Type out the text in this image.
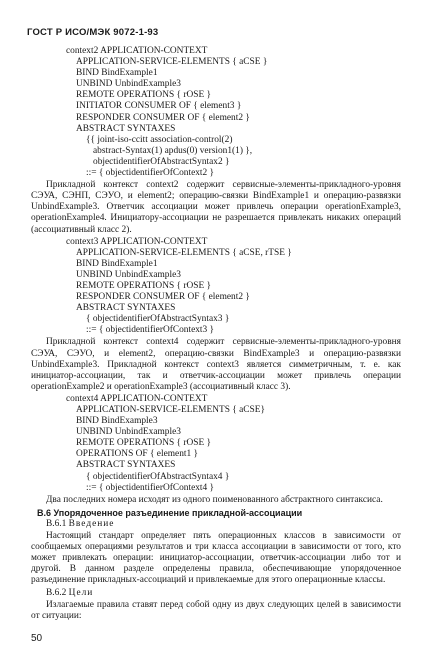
ГОСТ Р ИСО/МЭК 9072-1-93
context2 APPLICATION-CONTEXT
APPLICATION-SERVICE-ELEMENTS { aCSE }
BIND BindExample1
UNBIND UnbindExample3
REMOTE OPERATIONS { rOSE }
INITIATOR CONSUMER OF { element3 }
RESPONDER CONSUMER OF { element2 }
ABSTRACT SYNTAXES
{{ joint-iso-ccitt association-control(2)
abstract-Syntax(1) apdus(0) version1(1) },
objectidentifierOfAbstractSyntax2 }
::= { objectidentifierOfContext2 }
Прикладной контекст context2 содержит сервисные-элементы-прикладного-уровня СЭУА, СЭНП, СЭУО, и element2; операцию-связки BindExample1 и операцию-развязки UnbindExample3. Ответчик ассоциации может привлечь операции operationExample3, operationExample4. Инициатору-ассоциации не разрешается привлекать никаких операций (ассоциативный класс 2).
context3 APPLICATION-CONTEXT
APPLICATION-SERVICE-ELEMENTS { aCSE, rTSE }
BIND BindExample1
UNBIND UnbindExample3
REMOTE OPERATIONS { rOSE }
RESPONDER CONSUMER OF { element2 }
ABSTRACT SYNTAXES
{ objectidentifierOfAbstractSyntax3 }
::= { objectidentifierOfContext3 }
Прикладной контекст context4 содержит сервисные-элементы-прикладного-уровня СЭУА, СЭУО, и element2, операцию-связки BindExample3 и операцию-развязки UnbindExample3. Прикладной контекст context3 является симметричным, т. е. как инициатор-ассоциации, так и ответчик-ассоциации может привлечь операции operationExample2 и operationExample3 (ассоциативный класс 3).
context4 APPLICATION-CONTEXT
APPLICATION-SERVICE-ELEMENTS { aCSE}
BIND BindExample3
UNBIND UnbindExample3
REMOTE OPERATIONS { rOSE }
OPERATIONS OF { element1 }
ABSTRACT SYNTAXES
{ objectidentifierOfAbstractSyntax4 }
::= { objectidentifierOfContext4 }
Два последних номера исходят из одного поименованного абстрактного синтаксиса.
В.6 Упорядоченное разъединение прикладной-ассоциации
В.6.1 Введение
Настоящий стандарт определяет пять операционных классов в зависимости от сообщаемых операциями результатов и три класса ассоциации в зависимости от того, кто может привлекать операции: инициатор-ассоциации, ответчик-ассоциации либо тот и другой. В данном разделе определены правила, обеспечивающие упорядоченное разъединение прикладных-ассоциаций и привлекаемые для этого операционные классы.
В.6.2 Цели
Излагаемые правила ставят перед собой одну из двух следующих целей в зависимости от ситуации:
50
